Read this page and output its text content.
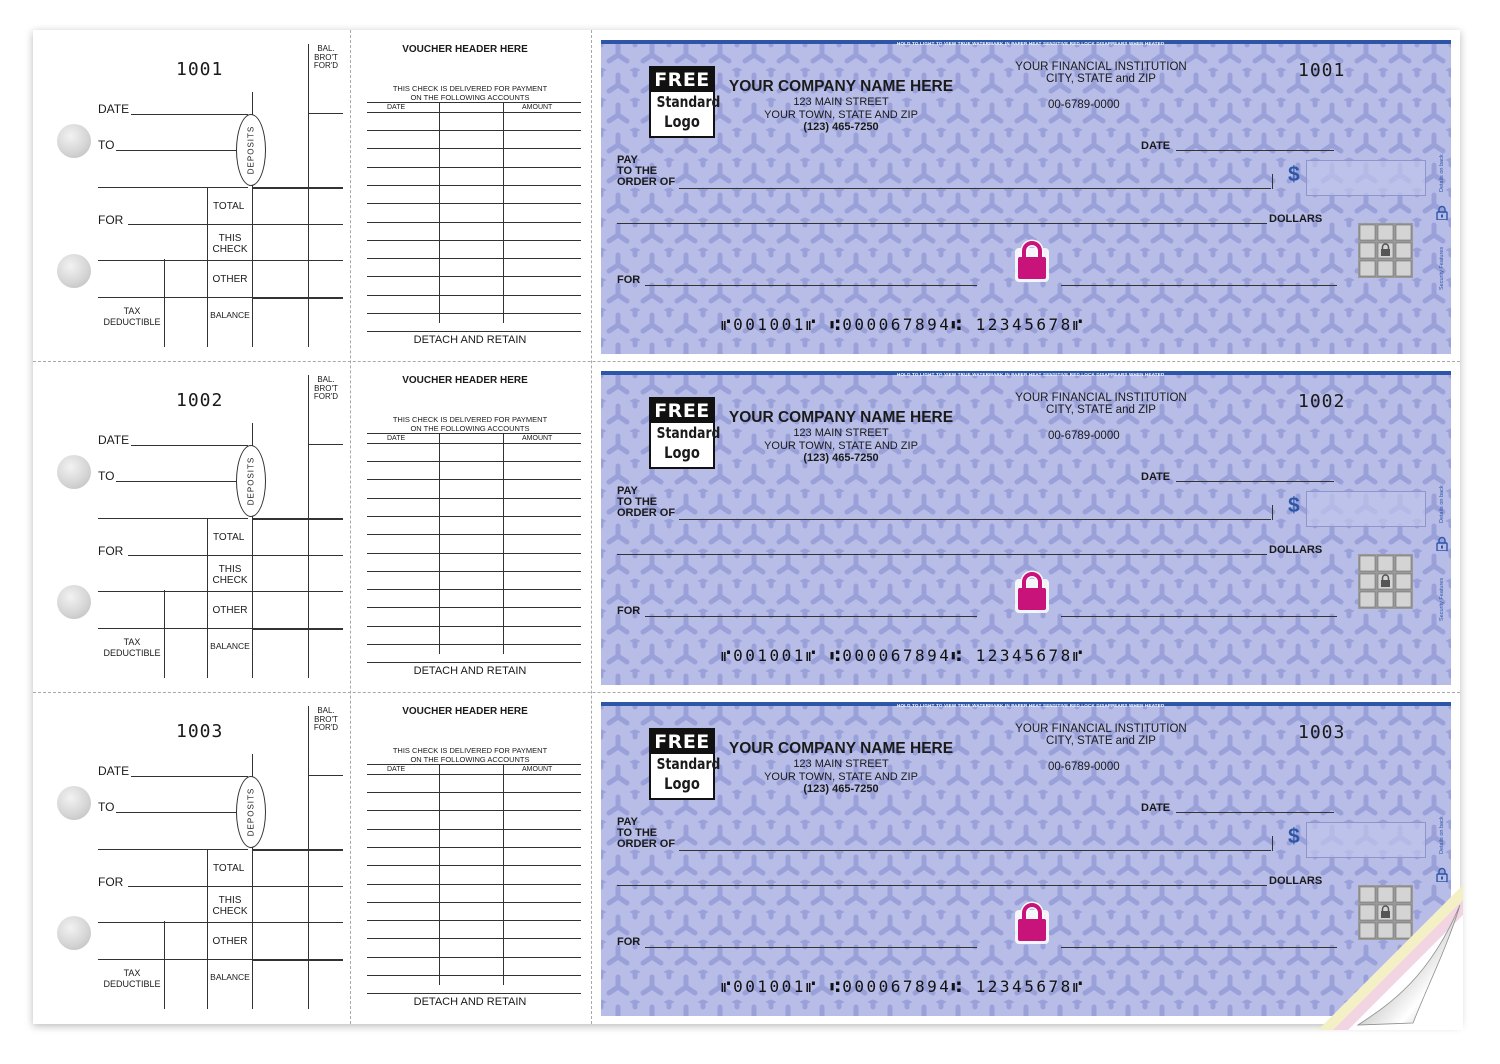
1001
BAL.
BRO'T
FOR'D
DATE
TO	DEPOSITS
TOTAL
THIS
CHECK
FOR
OTHER
TAX
DEDUCTIBLE
BALANCE
VOUCHER HEADER HERE
THIS CHECK IS DELIVERED FOR PAYMENT
ON THE FOLLOWING ACCOUNTS
DATE	AMOUNT
DETACH AND RETAIN
HOLD TO LIGHT TO VIEW TRUE WATERMARK IN PAPER HEAT SENSITIVE RED LOCK DISAPPEARS WHEN HEATED	MP
FREE
Standard
Logo
YOUR COMPANY NAME HERE
123 MAIN STREET
YOUR TOWN, STATE AND ZIP
(123) 465-7250
YOUR FINANCIAL INSTITUTION
CITY, STATE and ZIP
00-6789-0000
1001
DATE
PAY
TO THE
ORDER OF	$
DOLLARS
FOR
Details on back
Security Features
⑈001001⑈ ⑆000067894⑆ 12345678⑈
1002
BAL.
BRO'T
FOR'D
DATE
TO	DEPOSITS
TOTAL
THIS
CHECK
FOR
OTHER
TAX
DEDUCTIBLE
BALANCE
VOUCHER HEADER HERE
THIS CHECK IS DELIVERED FOR PAYMENT
ON THE FOLLOWING ACCOUNTS
DATE	AMOUNT
DETACH AND RETAIN
HOLD TO LIGHT TO VIEW TRUE WATERMARK IN PAPER HEAT SENSITIVE RED LOCK DISAPPEARS WHEN HEATED	MP
FREE
Standard
Logo
YOUR COMPANY NAME HERE
123 MAIN STREET
YOUR TOWN, STATE AND ZIP
(123) 465-7250
YOUR FINANCIAL INSTITUTION
CITY, STATE and ZIP
00-6789-0000
1002
DATE
PAY
TO THE
ORDER OF	$
DOLLARS
FOR
Details on back
Security Features
⑈001001⑈ ⑆000067894⑆ 12345678⑈
1003
BAL.
BRO'T
FOR'D
DATE
TO	DEPOSITS
TOTAL
THIS
CHECK
FOR
OTHER
TAX
DEDUCTIBLE
BALANCE
VOUCHER HEADER HERE
THIS CHECK IS DELIVERED FOR PAYMENT
ON THE FOLLOWING ACCOUNTS
DATE	AMOUNT
DETACH AND RETAIN
HOLD TO LIGHT TO VIEW TRUE WATERMARK IN PAPER HEAT SENSITIVE RED LOCK DISAPPEARS WHEN HEATED	MP
FREE
Standard
Logo
YOUR COMPANY NAME HERE
123 MAIN STREET
YOUR TOWN, STATE AND ZIP
(123) 465-7250
YOUR FINANCIAL INSTITUTION
CITY, STATE and ZIP
00-6789-0000
1003
DATE
PAY
TO THE
ORDER OF	$
DOLLARS
FOR
Details on back
⑈001001⑈ ⑆000067894⑆ 12345678⑈
